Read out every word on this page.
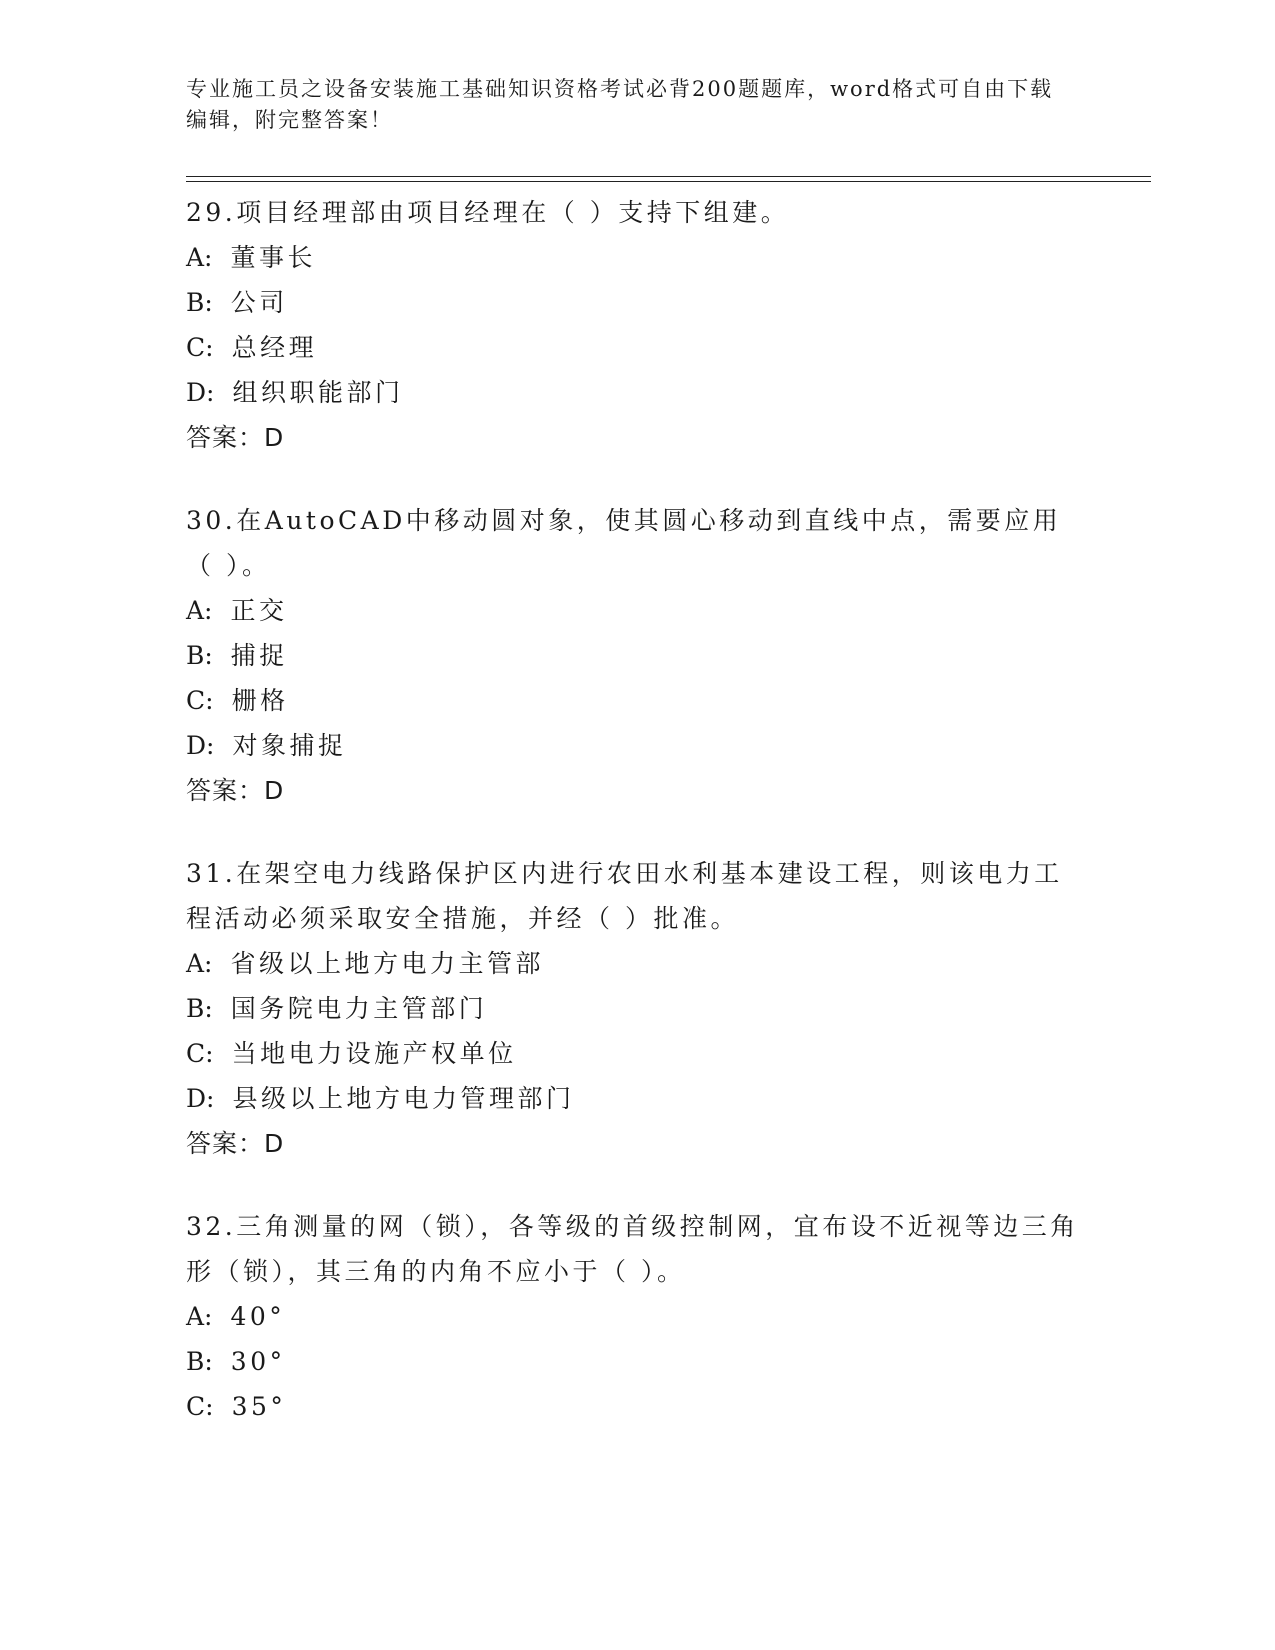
专业施工员之设备安装施工基础知识资格考试必背200题题库，word格式可自由下载编辑，附完整答案！
29.项目经理部由项目经理在（ ）支持下组建。
A: 董事长
B: 公司
C: 总经理
D: 组织职能部门
答案：D
30.在AutoCAD中移动圆对象，使其圆心移动到直线中点，需要应用（ ）。
A: 正交
B: 捕捉
C: 栅格
D: 对象捕捉
答案：D
31.在架空电力线路保护区内进行农田水利基本建设工程，则该电力工程活动必须采取安全措施，并经（ ）批准。
A: 省级以上地方电力主管部
B: 国务院电力主管部门
C: 当地电力设施产权单位
D: 县级以上地方电力管理部门
答案：D
32.三角测量的网（锁），各等级的首级控制网，宜布设不近视等边三角形（锁），其三角的内角不应小于（ ）。
A: 40°
B: 30°
C: 35°
